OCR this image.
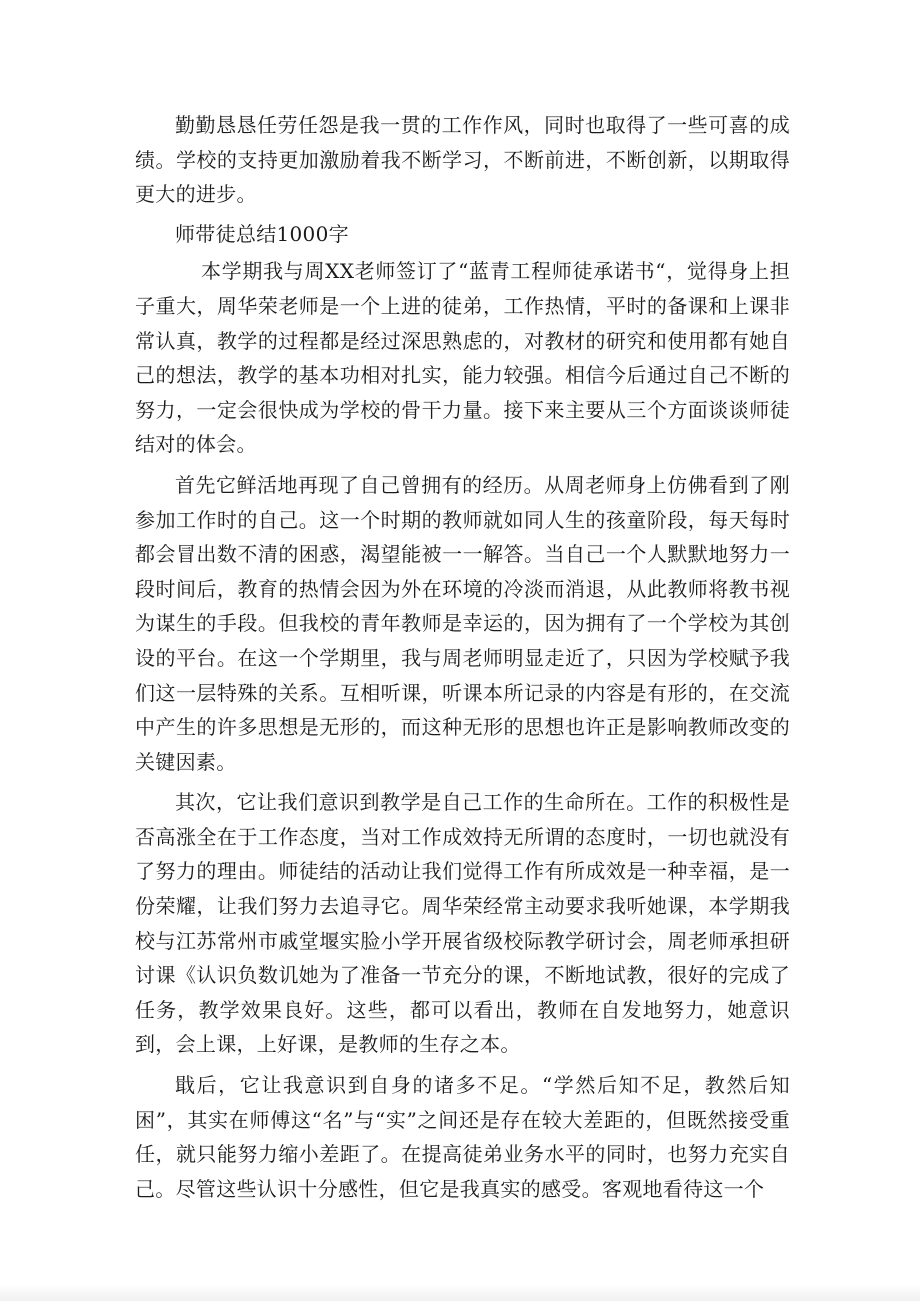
勤勤恳恳任劳任怨是我一贯的工作作风，同时也取得了一些可喜的成绩。学校的支持更加激励着我不断学习，不断前进，不断创新，以期取得更大的进步。

师带徒总结1000字

本学期我与周XX老师签订了“蓝青工程师徒承诺书“，觉得身上担子重大，周华荣老师是一个上进的徒弟，工作热情，平时的备课和上课非常认真，教学的过程都是经过深思熟虑的，对教材的研究和使用都有她自己的想法，教学的基本功相对扎实，能力较强。相信今后通过自己不断的努力，一定会很快成为学校的骨干力量。接下来主要从三个方面谈谈师徒结对的体会。

首先它鲜活地再现了自己曾拥有的经历。从周老师身上仿佛看到了刚参加工作时的自己。这一个时期的教师就如同人生的孩童阶段，每天每时都会冒出数不清的困惑，渴望能被一一解答。当自己一个人默默地努力一段时间后，教育的热情会因为外在环境的冷淡而消退，从此教师将教书视为谋生的手段。但我校的青年教师是幸运的，因为拥有了一个学校为其创设的平台。在这一个学期里，我与周老师明显走近了，只因为学校赋予我们这一层特殊的关系。互相听课，听课本所记录的内容是有形的，在交流中产生的许多思想是无形的，而这种无形的思想也许正是影响教师改变的关键因素。

其次，它让我们意识到教学是自己工作的生命所在。工作的积极性是否高涨全在于工作态度，当对工作成效持无所谓的态度时，一切也就没有了努力的理由。师徒结的活动让我们觉得工作有所成效是一种幸福，是一份荣耀，让我们努力去追寻它。周华荣经常主动要求我听她课，本学期我校与江苏常州市戚堂堰实脸小学开展省级校际教学研讨会，周老师承担研讨课《认识负数讥她为了准备一节充分的课，不断地试教，很好的完成了任务，教学效果良好。这些，都可以看出，教师在自发地努力，她意识到，会上课，上好课，是教师的生存之本。

戢后，它让我意识到自身的诸多不足。“学然后知不足，教然后知困”，其实在师傅这“名”与“实”之间还是存在较大差距的，但既然接受重任，就只能努力缩小差距了。在提高徒弟业务水平的同时，也努力充实自己。尽管这些认识十分感性，但它是我真实的感受。客观地看待这一个
